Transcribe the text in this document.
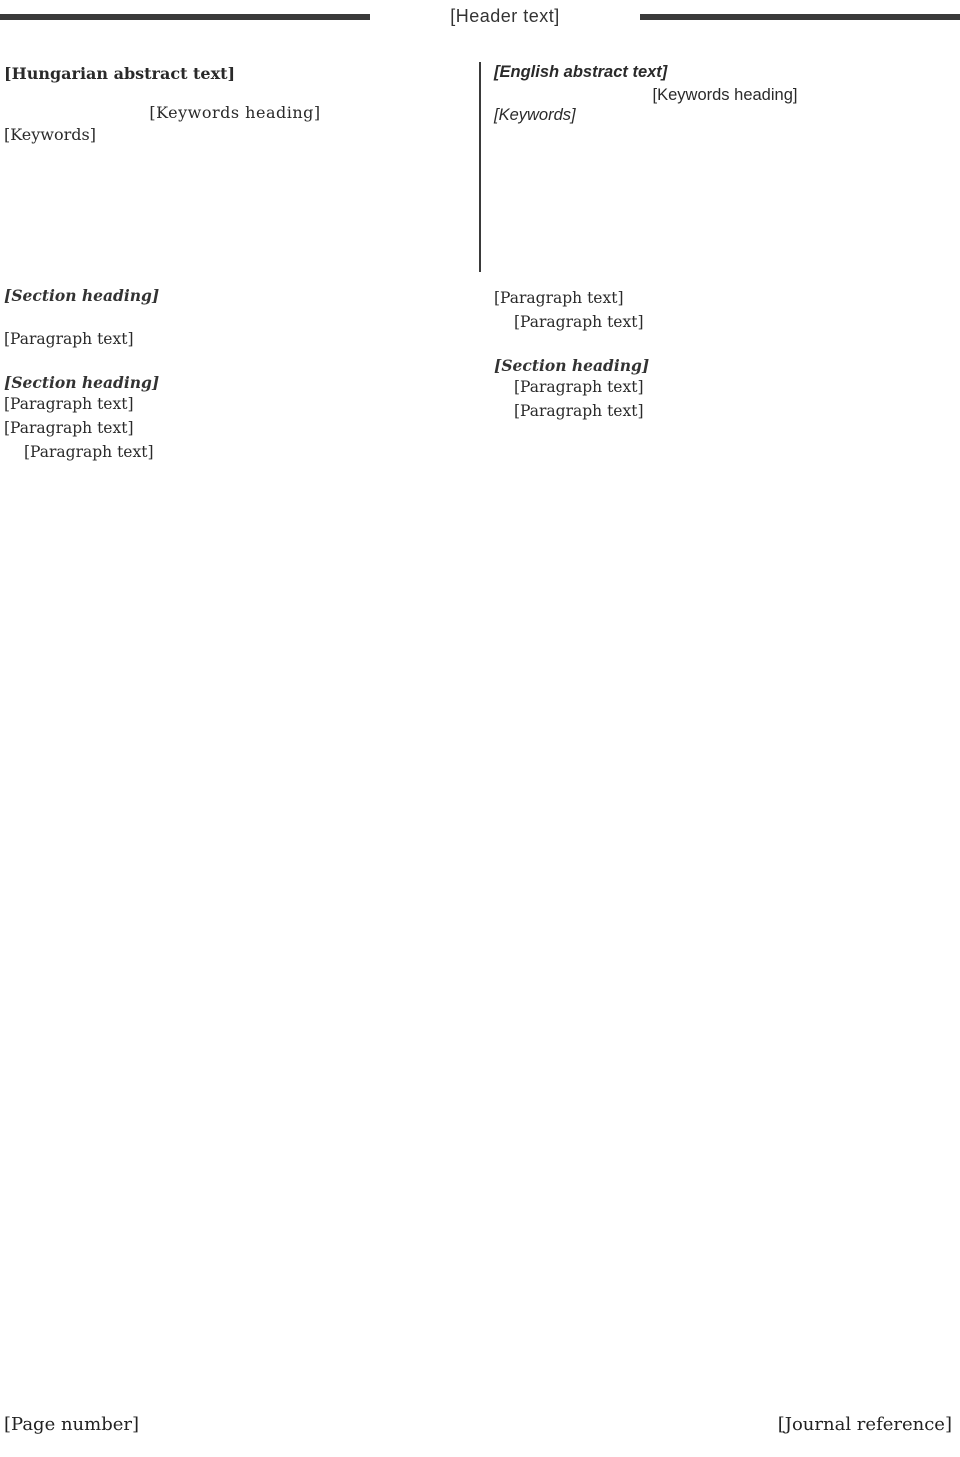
[Header text]

[Hungarian abstract text]

[Keywords heading]

[Keywords]

[English abstract text]

[Keywords heading]

[Keywords]

[Section heading]

[Paragraph text]

[Section heading]

[Paragraph text]

[Paragraph text]

[Paragraph text]

[Paragraph text]

[Paragraph text]

[Section heading]

[Paragraph text]

[Paragraph text]

[Page number]	[Journal reference]
